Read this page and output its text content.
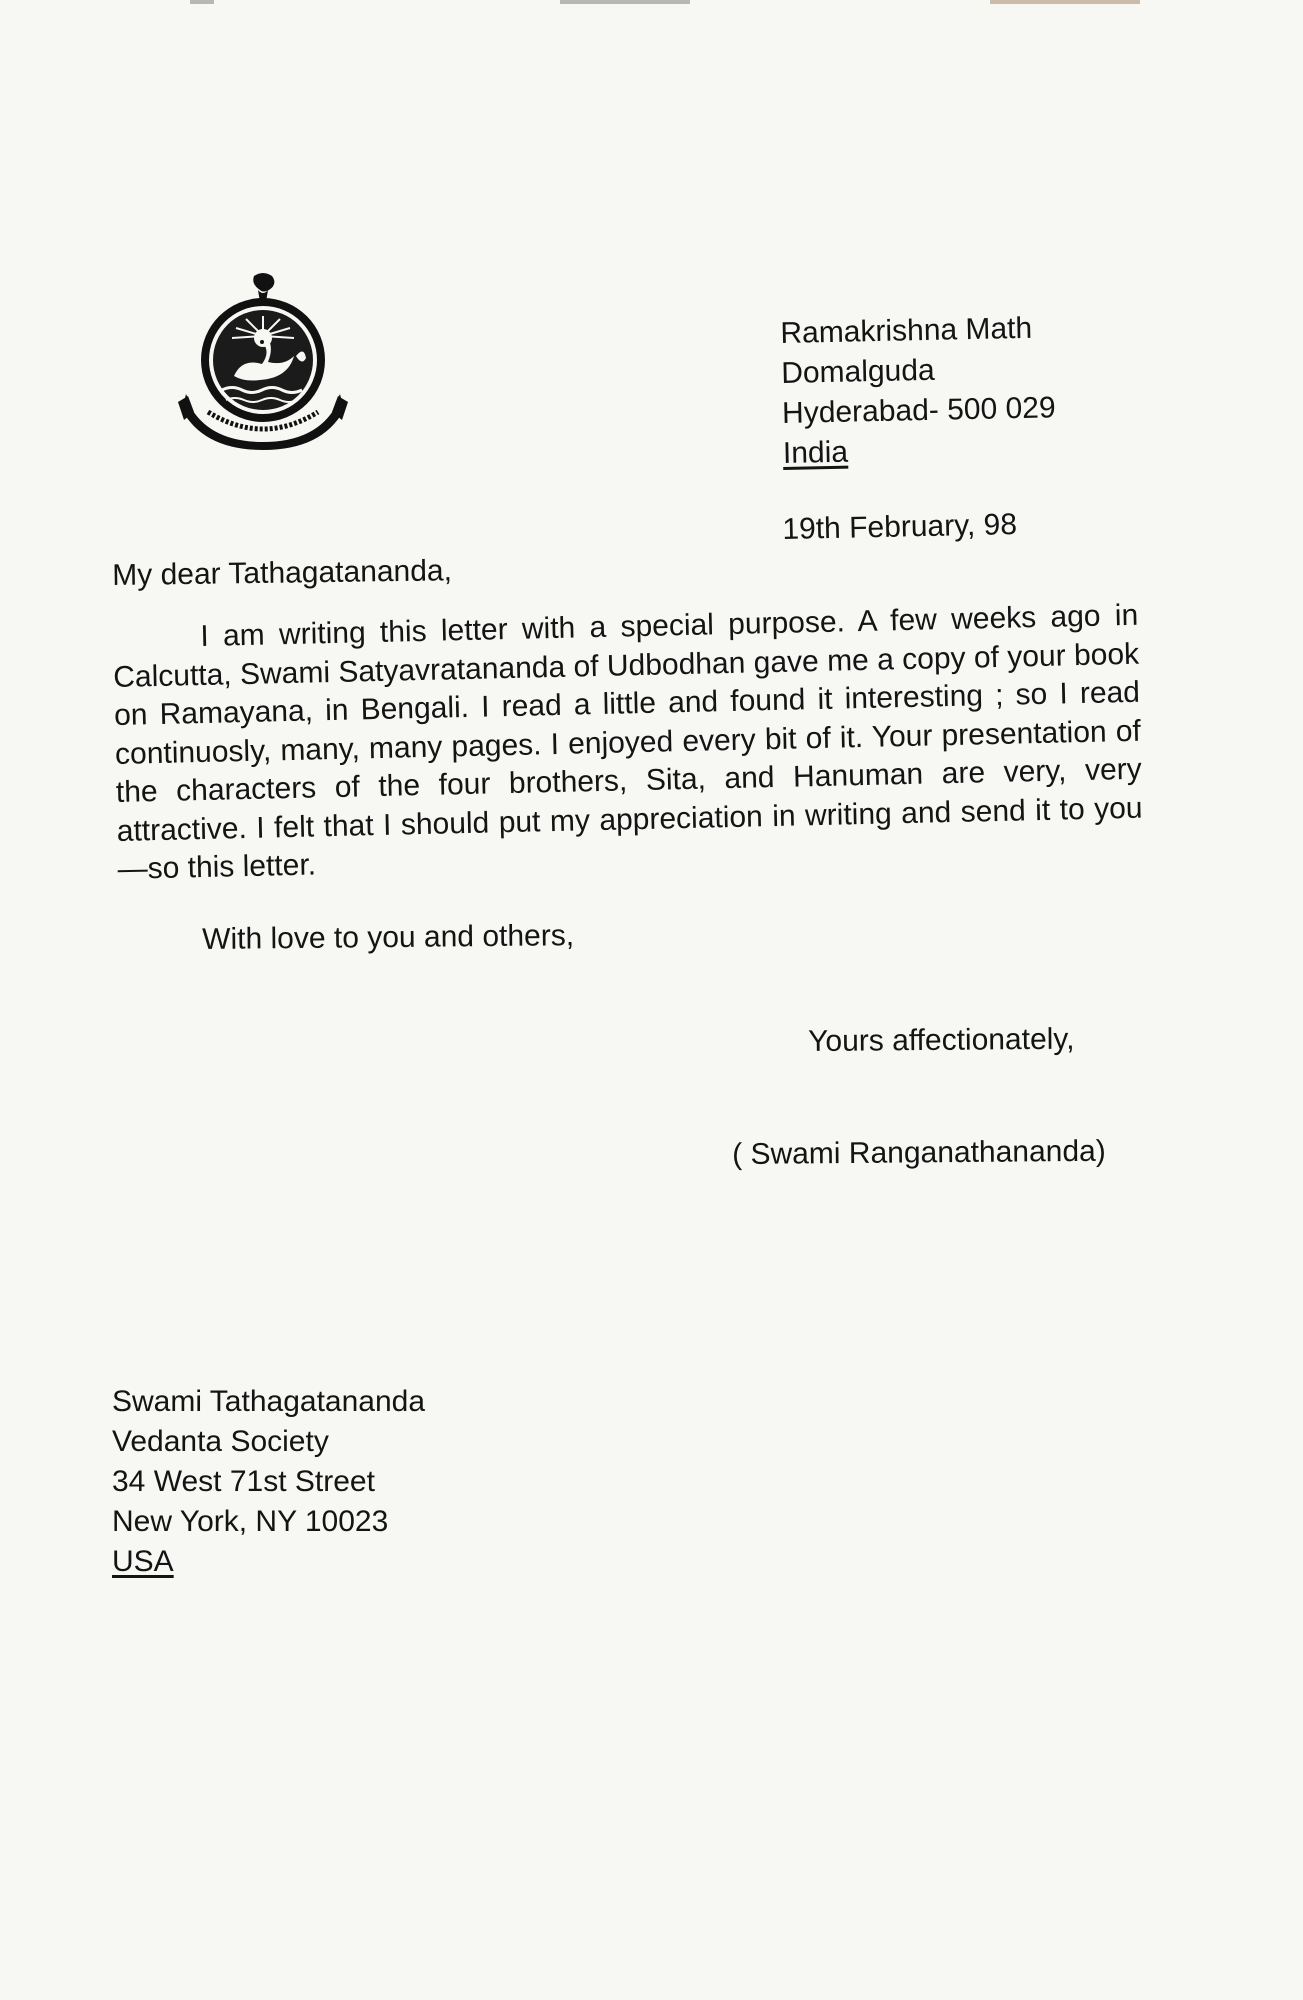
Ramakrishna Math
Domalguda
Hyderabad- 500 029
India
19th February, 98
My dear Tathagatananda,
I am writing this letter with a special purpose. A few weeks ago in Calcutta, Swami Satyavratananda of Udbodhan gave me a copy of your book on Ramayana, in Bengali. I read a little and found it interesting ; so I read continuosly, many, many pages. I enjoyed every bit of it. Your presentation of the characters of the four brothers, Sita, and Hanuman are very, very attractive. I felt that I should put my appreciation in writing and send it to you—so this letter.
With love to you and others,
Yours affectionately,
( Swami Ranganathananda)
Swami Tathagatananda
Vedanta Society
34 West 71st Street
New York, NY 10023
USA
